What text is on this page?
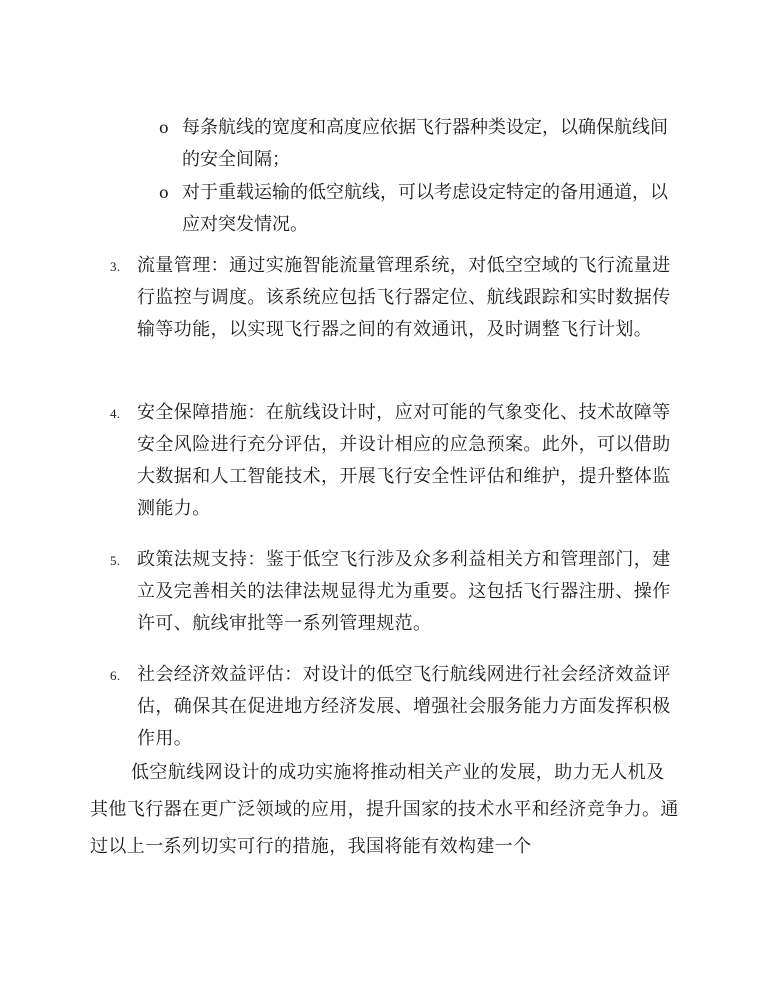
o 每条航线的宽度和高度应依据飞行器种类设定，以确保航线间的安全间隔；
o 对于重载运输的低空航线，可以考虑设定特定的备用通道，以应对突发情况。
3. 流量管理：通过实施智能流量管理系统，对低空空域的飞行流量进行监控与调度。该系统应包括飞行器定位、航线跟踪和实时数据传输等功能，以实现飞行器之间的有效通讯，及时调整飞行计划。
4. 安全保障措施：在航线设计时，应对可能的气象变化、技术故障等安全风险进行充分评估，并设计相应的应急预案。此外，可以借助大数据和人工智能技术，开展飞行安全性评估和维护，提升整体监测能力。
5. 政策法规支持：鉴于低空飞行涉及众多利益相关方和管理部门，建立及完善相关的法律法规显得尤为重要。这包括飞行器注册、操作许可、航线审批等一系列管理规范。
6. 社会经济效益评估：对设计的低空飞行航线网进行社会经济效益评估，确保其在促进地方经济发展、增强社会服务能力方面发挥积极作用。

低空航线网设计的成功实施将推动相关产业的发展，助力无人机及其他飞行器在更广泛领域的应用，提升国家的技术水平和经济竞争力。通过以上一系列切实可行的措施，我国将能有效构建一个
